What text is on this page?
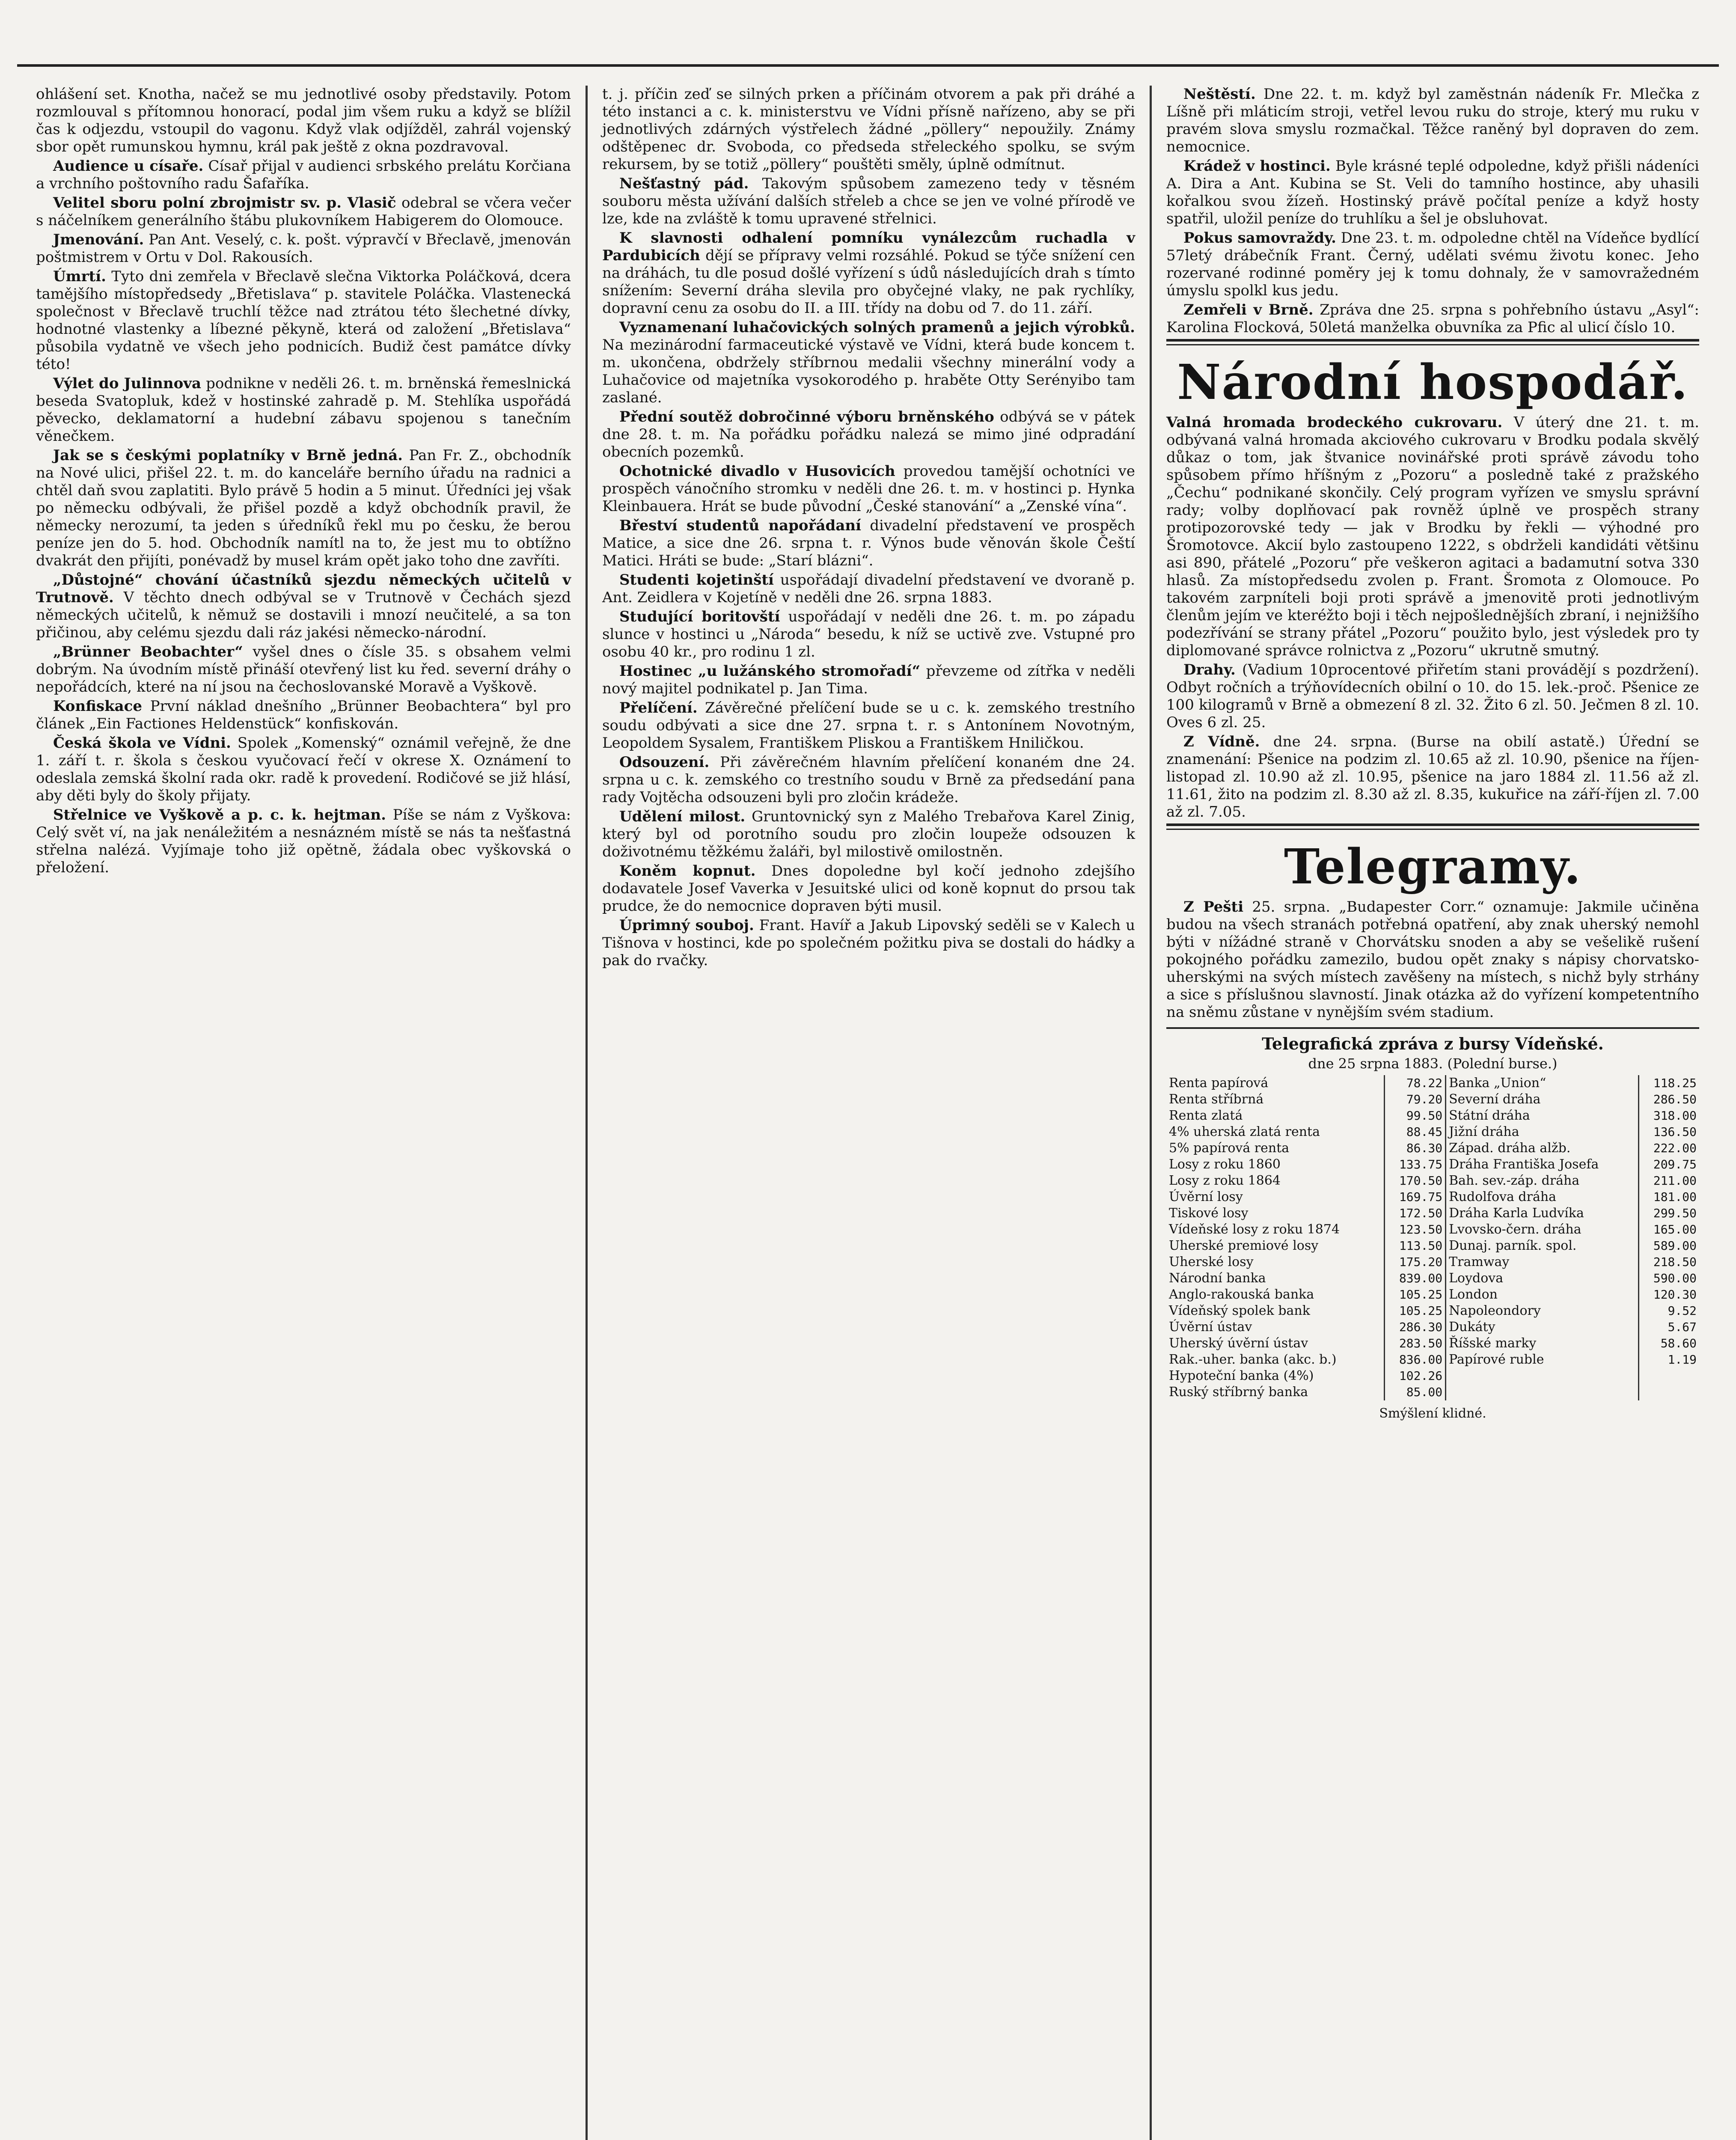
ohlášení set. Knotha, načež se mu jednotlivé osoby představily. Potom rozmlouval s přítomnou honorací, podal jim všem ruku a když se blížil čas k odjezdu, vstoupil do vagonu. Když vlak odjížděl, zahrál vojenský sbor opět rumunskou hymnu, král pak ještě z okna pozdravoval.

Audience u císaře. Císař přijal v audienci srbského prelátu Korčiana a vrchního poštovního radu Šafaříka.

Velitel sboru polní zbrojmistr sv. p. Vlasič odebral se včera večer s náčelníkem generálního štábu plukovníkem Habigerem do Olomouce.

Jmenování. Pan Ant. Veselý, c. k. pošt. výpravčí v Břeclavě, jmenován poštmistrem v Ortu v Dol. Rakousích.

Úmrtí. Tyto dni zemřela v Břeclavě slečna Viktorka Poláčková, dcera tamějšího místopředsedy „Břetislava“ p. stavitele Poláčka. Vlastenecká společnost v Břeclavě truchlí těžce nad ztrátou této šlechetné dívky, hodnotné vlastenky a líbezné pěkyně, která od založení „Břetislava“ působila vydatně ve všech jeho podnicích. Budiž čest památce dívky této!

Výlet do Julinnova podnikne v neděli 26. t. m. brněnská řemeslnická beseda Svatopluk, kdež v hostinské zahradě p. M. Stehlíka uspořádá pěvecko, deklamatorní a hudební zábavu spojenou s tanečním věnečkem.

Jak se s českými poplatníky v Brně jedná. Pan Fr. Z., obchodník na Nové ulici, přišel 22. t. m. do kanceláře berního úřadu na radnici a chtěl daň svou zaplatiti. Bylo právě 5 hodin a 5 minut. Úředníci jej však po německu odbývali, že přišel pozdě a když obchodník pravil, že německy nerozumí, ta jeden s úředníků řekl mu po česku, že berou peníze jen do 5. hod. Obchodník namítl na to, že jest mu to obtížno dvakrát den přijíti, ponévadž by musel krám opět jako toho dne zavříti.

„Důstojné“ chování účastníků sjezdu německých učitelů v Trutnově. V těchto dnech odbýval se v Trutnově v Čechách sjezd německých učitelů, k němuž se dostavili i mnozí neučitelé, a sa ton přičinou, aby celému sjezdu dali ráz jakési německo-národní.

„Brünner Beobachter“ vyšel dnes o čísle 35. s obsahem velmi dobrým. Na úvodním místě přináší otevřený list ku řed. severní dráhy o nepořádcích, které na ní jsou na čechoslovanské Moravě a Vyškově.

Konfiskace První náklad dnešního „Brünner Beobachtera“ byl pro článek „Ein Factiones Heldenstück“ konfiskován.

Česká škola ve Vídni. Spolek „Komenský“ oznámil veřejně, že dne 1. září t. r. škola s českou vyučovací řečí v okrese X. Oznámení to odeslala zemská školní rada okr. radě k provedení. Rodičové se již hlásí, aby děti byly do školy přijaty.

Střelnice ve Vyškově a p. c. k. hejtman. Píše se nám z Vyškova: Celý svět ví, na jak nenáležitém a nesnázném místě se nás ta nešťastná střelna nalézá. Vyjímaje toho již opětně, žádala obec vyškovská o přeložení.

t. j. příčin zeď se silných prken a příčinám otvorem a pak při dráhé a této instanci a c. k. ministerstvu ve Vídni přísně nařízeno, aby se při jednotlivých zdárných výstřelech žádné „pöllery“ nepoužily. Známy odštěpenec dr. Svoboda, co předseda střeleckého spolku, se svým rekursem, by se totiž „pöllery“ pouštěti směly, úplně odmítnut.

Nešťastný pád. Takovým spůsobem zamezeno tedy v těsném souboru města užívání dalších střeleb a chce se jen ve volné přírodě ve lze, kde na zvláště k tomu upravené střelnici.

K slavnosti odhalení pomníku vynálezcům ruchadla v Pardubicích dějí se přípravy velmi rozsáhlé. Pokud se týče snížení cen na dráhách, tu dle posud došlé vyřízení s údů následujících drah s tímto snížením: Severní dráha slevila pro obyčejné vlaky, ne pak rychlíky, dopravní cenu za osobu do II. a III. třídy na dobu od 7. do 11. září.

Vyznamenaní luhačovických solných pramenů a jejich výrobků. Na mezinárodní farmaceutické výstavě ve Vídni, která bude koncem t. m. ukončena, obdržely stříbrnou medalii všechny minerální vody a Luhačovice od majetníka vysokorodého p. hraběte Otty Serényibo tam zaslané.

Přední soutěž dobročinné výboru brněnského odbývá se v pátek dne 28. t. m. Na pořádku pořádku nalezá se mimo jiné odpradání obecních pozemků.

Ochotnické divadlo v Husovicích provedou tamější ochotníci ve prospěch vánočního stromku v neděli dne 26. t. m. v hostinci p. Hynka Kleinbauera. Hrát se bude původní „České stanování“ a „Zenské vína“.

Břeství studentů napořádaní divadelní představení ve prospěch Matice, a sice dne 26. srpna t. r. Výnos bude věnován škole Čeští Matici. Hráti se bude: „Starí blázni“.

Studenti kojetinští uspořádají divadelní představení ve dvoraně p. Ant. Zeidlera v Kojetíně v neděli dne 26. srpna 1883.

Studující boritovští uspořádají v neděli dne 26. t. m. po západu slunce v hostinci u „Národa“ besedu, k níž se uctivě zve. Vstupné pro osobu 40 kr., pro rodinu 1 zl.

Hostinec „u lužánského stromořadí“ převzeme od zítřka v neděli nový majitel podnikatel p. Jan Tima.

Přelíčení. Závěrečné přelíčení bude se u c. k. zemského trestního soudu odbývati a sice dne 27. srpna t. r. s Antonínem Novotným, Leopoldem Sysalem, Františkem Pliskou a Františkem Hniličkou.

Odsouzení. Při závěrečném hlavním přelíčení konaném dne 24. srpna u c. k. zemského co trestního soudu v Brně za předsedání pana rady Vojtěcha odsouzeni byli pro zločin krádeže.

Udělení milost. Gruntovnický syn z Malého Trebařova Karel Zinig, který byl od porotního soudu pro zločin loupeže odsouzen k doživotnému těžkému žaláři, byl milostivě omilostněn.

Koněm kopnut. Dnes dopoledne byl kočí jednoho zdejšího dodavatele Josef Vaverka v Jesuitské ulici od koně kopnut do prsou tak prudce, že do nemocnice dopraven býti musil.

Úprimný souboj. Frant. Havíř a Jakub Lipovský seděli se v Kalech u Tišnova v hostinci, kde po společném požitku piva se dostali do hádky a pak do rvačky.

Neštěstí. Dne 22. t. m. když byl zaměstnán nádeník Fr. Mlečka z Líšně při mláticím stroji, vetřel levou ruku do stroje, který mu ruku v pravém slova smyslu rozmačkal. Těžce raněný byl dopraven do zem. nemocnice.

Krádež v hostinci. Byle krásné teplé odpoledne, když přišli nádeníci A. Dira a Ant. Kubina se St. Veli do tamního hostince, aby uhasili kořalkou svou žízeň. Hostinský právě počítal peníze a když hosty spatřil, uložil peníze do truhlíku a šel je obsluhovat.

Pokus samovraždy. Dne 23. t. m. odpoledne chtěl na Vídeňce bydlící 57letý drábečník Frant. Černý, udělati svému životu konec. Jeho rozervané rodinné poměry jej k tomu dohnaly, že v samovražedném úmyslu spolkl kus jedu.

Zemřeli v Brně. Zpráva dne 25. srpna s pohřebního ústavu „Asyl“: Karolina Flocková, 50letá manželka obuvníka za Pfic al ulicí číslo 10.

Národní hospodář.

Valná hromada brodeckého cukrovaru. V úterý dne 21. t. m. odbývaná valná hromada akciového cukrovaru v Brodku podala skvělý důkaz o tom, jak štvanice novinářské proti správě závodu toho spůsobem přímo hříšným z „Pozoru“ a posledně také z pražského „Čechu“ podnikané skončily. Celý program vyřízen ve smyslu správní rady; volby doplňovací pak rovněž úplně ve prospěch strany protipozorovské tedy — jak v Brodku by řekli — výhodné pro Šromotovce. Akcií bylo zastoupeno 1222, s obdrželi kandidáti většinu asi 890, přátelé „Pozoru“ pře veškeron agitaci a badamutní sotva 330 hlasů. Za místopředsedu zvolen p. Frant. Šromota z Olomouce. Po takovém zarpníteli boji proti správě a jmenovitě proti jednotlivým členům jejím ve kteréžto boji i těch nejpošlednějších zbraní, i nejnižšího podezřívání se strany přátel „Pozoru“ použito bylo, jest výsledek pro ty diplomované správce rolnictva z „Pozoru“ ukrutně smutný.

Drahy. (Vadium 10procentové přiřetím stani provádějí s pozdržení). Odbyt ročních a trýňovídecních obilní o 10. do 15. lek.-proč. Pšenice ze 100 kilogramů v Brně a obmezení 8 zl. 32. Žito 6 zl. 50. Ječmen 8 zl. 10. Oves 6 zl. 25.

Z Vídně. dne 24. srpna. (Burse na obilí astatě.) Úřední se znamenání: Pšenice na podzim zl. 10.65 až zl. 10.90, pšenice na říjen-listopad zl. 10.90 až zl. 10.95, pšenice na jaro 1884 zl. 11.56 až zl. 11.61, žito na podzim zl. 8.30 až zl. 8.35, kukuřice na září-říjen zl. 7.00 až zl. 7.05.

Telegramy.

Z Pešti 25. srpna. „Budapester Corr.“ oznamuje: Jakmile učiněna budou na všech stranách potřebná opatření, aby znak uherský nemohl býti v nížádné straně v Chorvátsku snoden a aby se vešelikě rušení pokojného pořádku zamezilo, budou opět znaky s nápisy chorvatsko-uherskými na svých místech zavěšeny na místech, s nichž byly strhány a sice s příslušnou slavností. Jinak otázka až do vyřízení kompetentního na sněmu zůstane v nynějším svém stadium.

Telegrafická zpráva z bursy Vídeňské.
dne 25 srpna 1883. (Polední burse.)
Renta papírová	78.22	Banka „Union“	118.25
Renta stříbrná	79.20	Severní dráha	286.50
Renta zlatá	99.50	Státní dráha	318.00
4% uherská zlatá renta	88.45	Jižní dráha	136.50
5% papírová renta	86.30	Západ. dráha alžb.	222.00
Losy z roku 1860	133.75	Dráha Františka Josefa	209.75
Losy z roku 1864	170.50	Bah. sev.-záp. dráha	211.00
Úvěrní losy	169.75	Rudolfova dráha	181.00
Tiskové losy	172.50	Dráha Karla Ludvíka	299.50
Vídeňské losy z roku 1874	123.50	Lvovsko-čern. dráha	165.00
Uherské premiové losy	113.50	Dunaj. parník. spol.	589.00
Uherské losy	175.20	Tramway	218.50
Národní banka	839.00	Loydova	590.00
Anglo-rakouská banka	105.25	London	120.30
Vídeňský spolek bank	105.25	Napoleondory	9.52
Úvěrní ústav	286.30	Dukáty	5.67
Uherský úvěrní ústav	283.50	Říšské marky	58.60
Rak.-uher. banka (akc. b.)	836.00	Papírové ruble	1.19
Hypoteční banka (4%)	102.26		
Ruský stříbrný banka	85.00		
Smýšlení klidné.
